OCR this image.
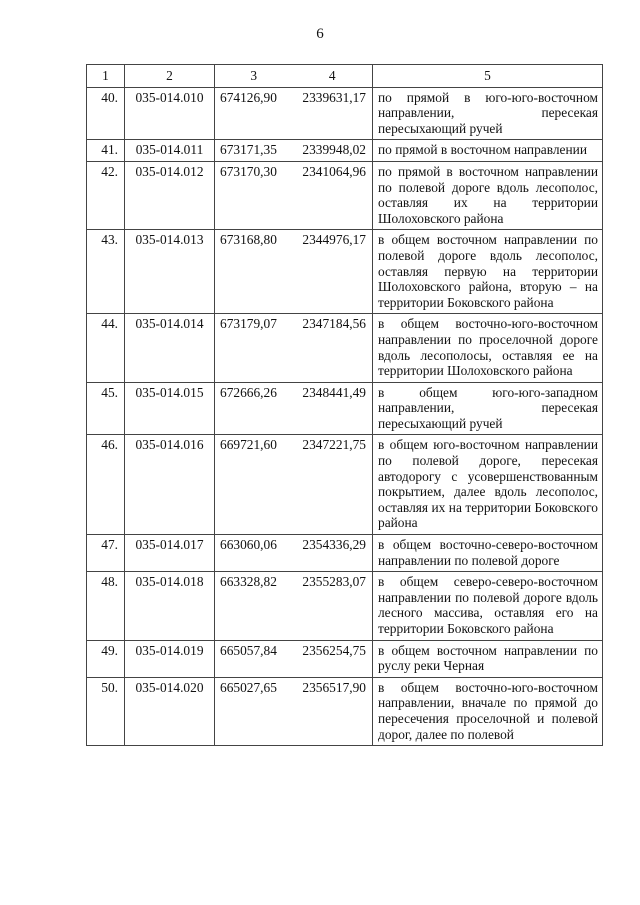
6
1	2	3	4	5
40.	035-014.010	674126,90	2339631,17	по прямой в юго-юго-восточном направлении, пересекая пересыхающий ручей
41.	035-014.011	673171,35	2339948,02	по прямой в восточном направлении
42.	035-014.012	673170,30	2341064,96	по прямой в восточном направлении по полевой дороге вдоль лесополос, оставляя их на территории Шолоховского района
43.	035-014.013	673168,80	2344976,17	в общем восточном направлении по полевой дороге вдоль лесополос, оставляя первую на территории Шолоховского района, вторую – на территории Боковского района
44.	035-014.014	673179,07	2347184,56	в общем восточно-юго-восточном направлении по проселочной дороге вдоль лесополосы, оставляя ее на территории Шолоховского района
45.	035-014.015	672666,26	2348441,49	в общем юго-юго-западном направлении, пересекая пересыхающий ручей
46.	035-014.016	669721,60	2347221,75	в общем юго-восточном направлении по полевой дороге, пересекая автодорогу с усовершенствованным покрытием, далее вдоль лесополос, оставляя их на территории Боковского района
47.	035-014.017	663060,06	2354336,29	в общем восточно-северо-восточном направлении по полевой дороге
48.	035-014.018	663328,82	2355283,07	в общем северо-северо-восточном направлении по полевой дороге вдоль лесного массива, оставляя его на территории Боковского района
49.	035-014.019	665057,84	2356254,75	в общем восточном направлении по руслу реки Черная
50.	035-014.020	665027,65	2356517,90	в общем восточно-юго-восточном направлении, вначале по прямой до пересечения проселочной и полевой дорог, далее по полевой
